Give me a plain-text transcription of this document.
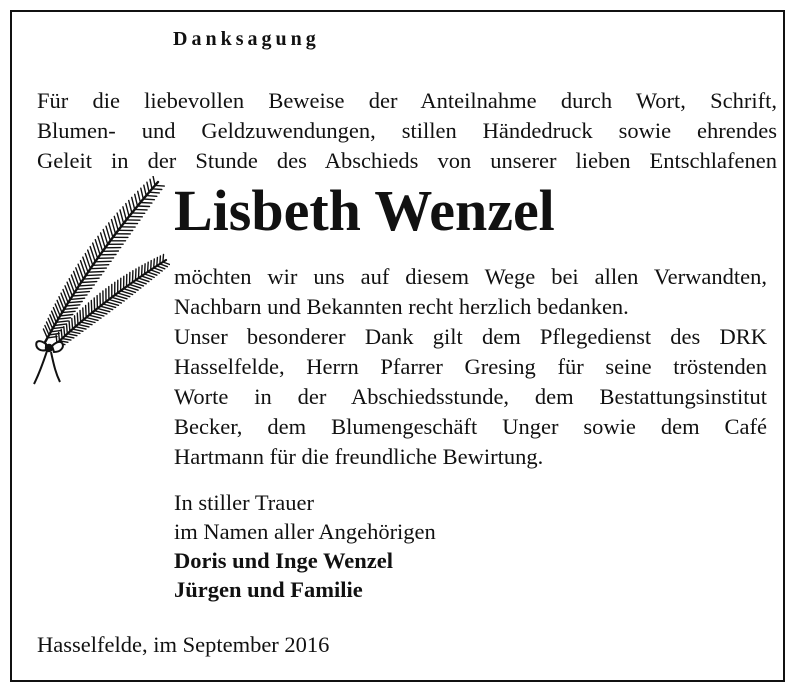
Danksagung
Für die liebevollen Beweise der Anteilnahme durch Wort, Schrift,
Blumen- und Geldzuwendungen, stillen Händedruck sowie ehrendes
Geleit in der Stunde des Abschieds von unserer lieben Entschlafenen
Lisbeth Wenzel
möchten wir uns auf diesem Wege bei allen Verwandten,
Nachbarn und Bekannten recht herzlich bedanken.
Unser besonderer Dank gilt dem Pflegedienst des DRK
Hasselfelde, Herrn Pfarrer Gresing für seine tröstenden
Worte in der Abschiedsstunde, dem Bestattungsinstitut
Becker, dem Blumengeschäft Unger sowie dem Café
Hartmann für die freundliche Bewirtung.
In stiller Trauer
im Namen aller Angehörigen
Doris und Inge Wenzel
Jürgen und Familie
Hasselfelde, im September 2016
